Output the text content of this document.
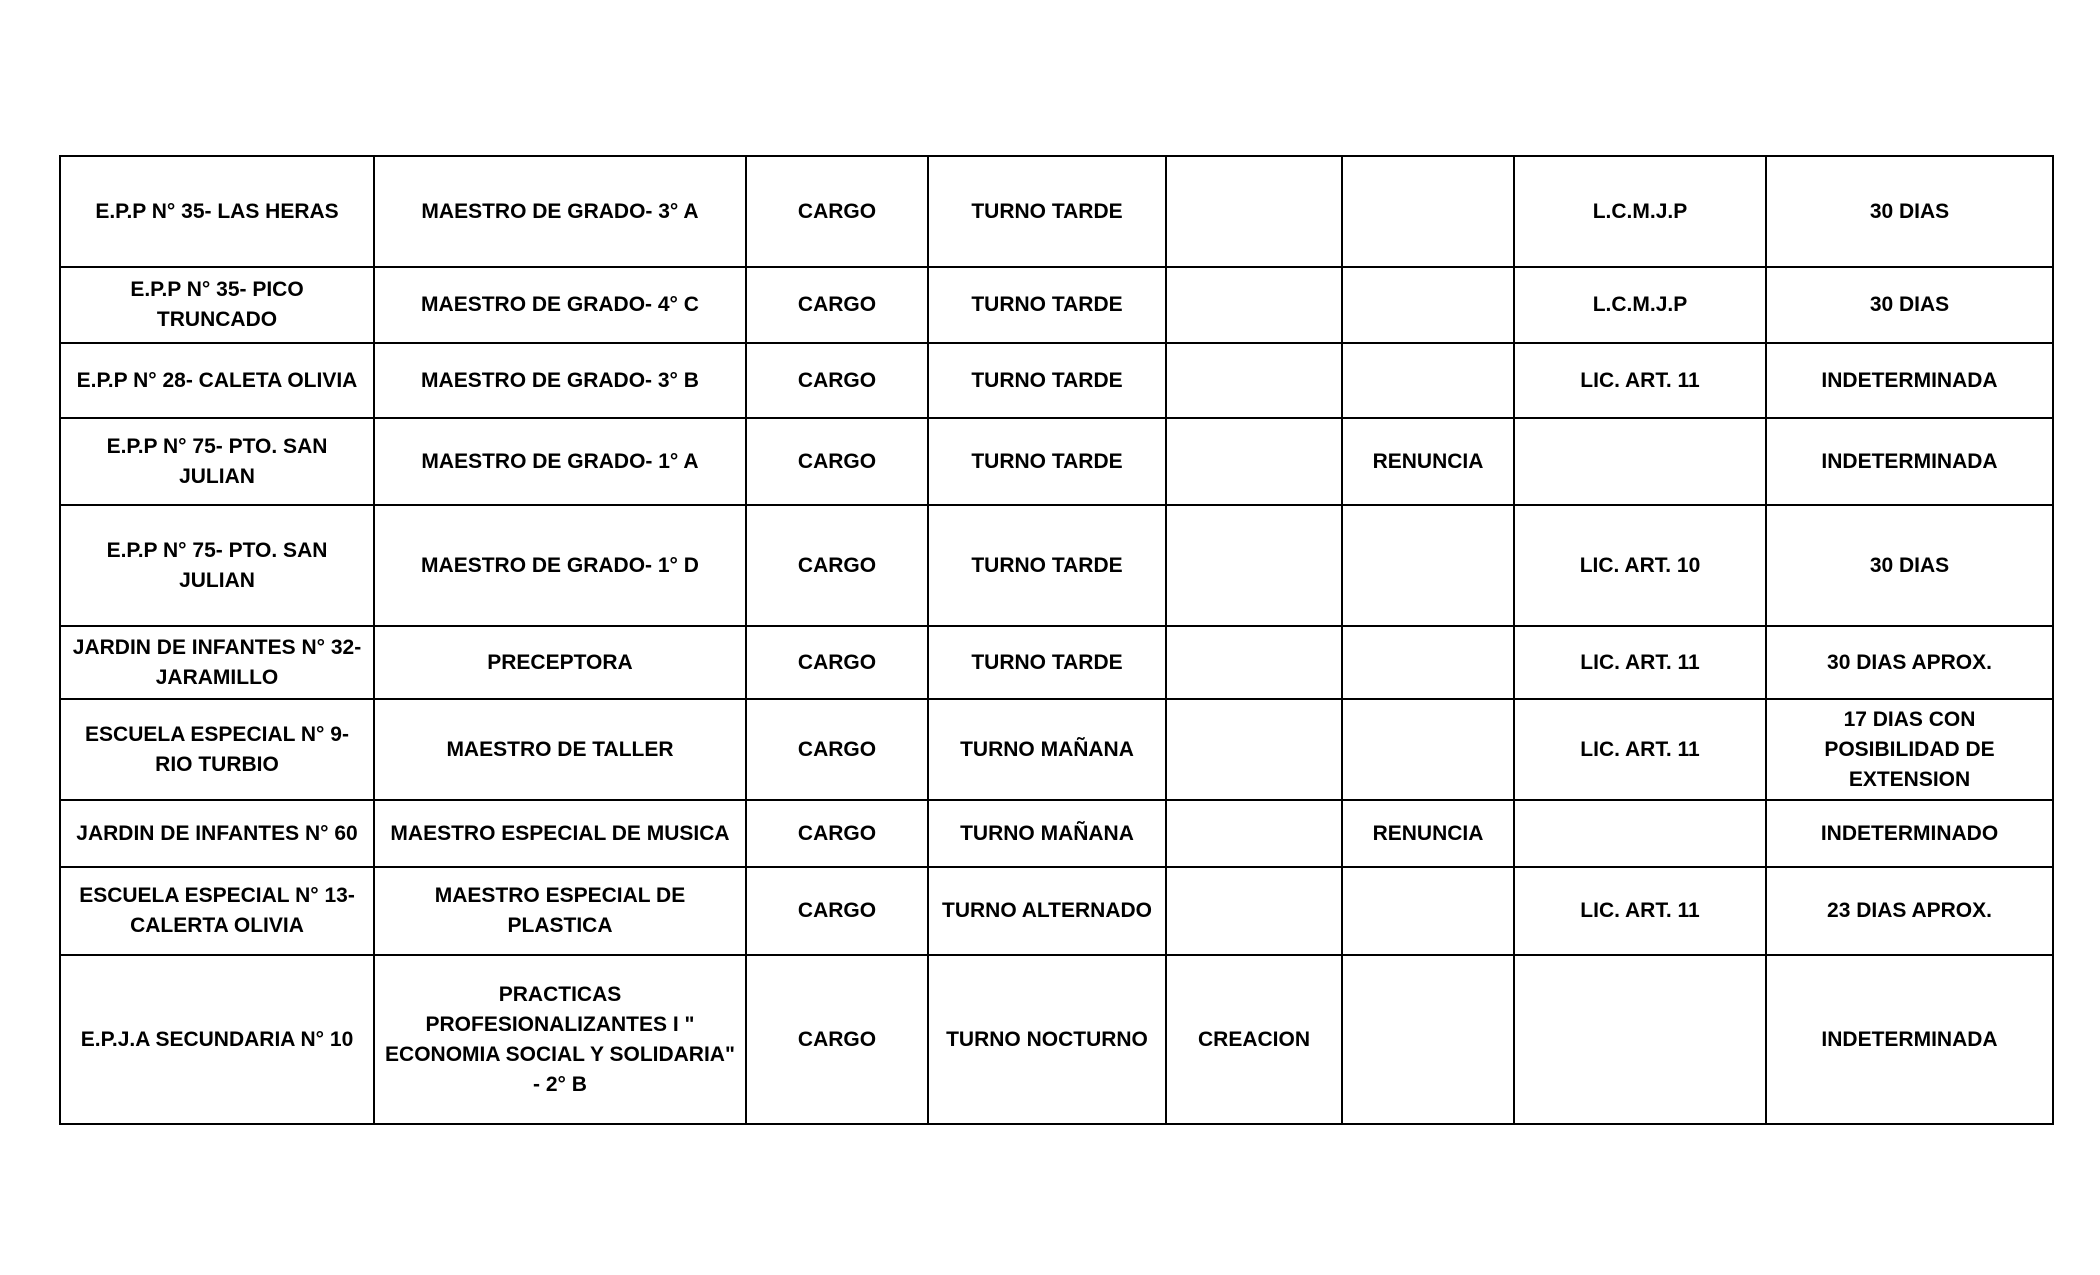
E.P.P N° 35- LAS HERAS	MAESTRO DE GRADO- 3° A	CARGO	TURNO TARDE			L.C.M.J.P	30 DIAS
E.P.P N° 35- PICO TRUNCADO	MAESTRO DE GRADO- 4° C	CARGO	TURNO TARDE			L.C.M.J.P	30 DIAS
E.P.P N° 28- CALETA OLIVIA	MAESTRO DE GRADO- 3° B	CARGO	TURNO TARDE			LIC. ART. 11	INDETERMINADA
E.P.P N° 75- PTO. SAN JULIAN	MAESTRO DE GRADO- 1° A	CARGO	TURNO TARDE		RENUNCIA		INDETERMINADA
E.P.P N° 75- PTO. SAN JULIAN	MAESTRO DE GRADO- 1° D	CARGO	TURNO TARDE			LIC. ART. 10	30 DIAS
JARDIN DE INFANTES N° 32- JARAMILLO	PRECEPTORA	CARGO	TURNO TARDE			LIC. ART. 11	30 DIAS APROX.
ESCUELA ESPECIAL N° 9- RIO TURBIO	MAESTRO DE TALLER	CARGO	TURNO MAÑANA			LIC. ART. 11	17 DIAS CON POSIBILIDAD DE EXTENSION
JARDIN DE INFANTES N° 60	MAESTRO ESPECIAL DE MUSICA	CARGO	TURNO MAÑANA		RENUNCIA		INDETERMINADO
ESCUELA ESPECIAL N° 13- CALERTA OLIVIA	MAESTRO ESPECIAL DE PLASTICA	CARGO	TURNO ALTERNADO			LIC. ART. 11	23 DIAS APROX.
E.P.J.A SECUNDARIA N° 10	PRACTICAS PROFESIONALIZANTES I " ECONOMIA SOCIAL Y SOLIDARIA" - 2° B	CARGO	TURNO NOCTURNO	CREACION			INDETERMINADA
